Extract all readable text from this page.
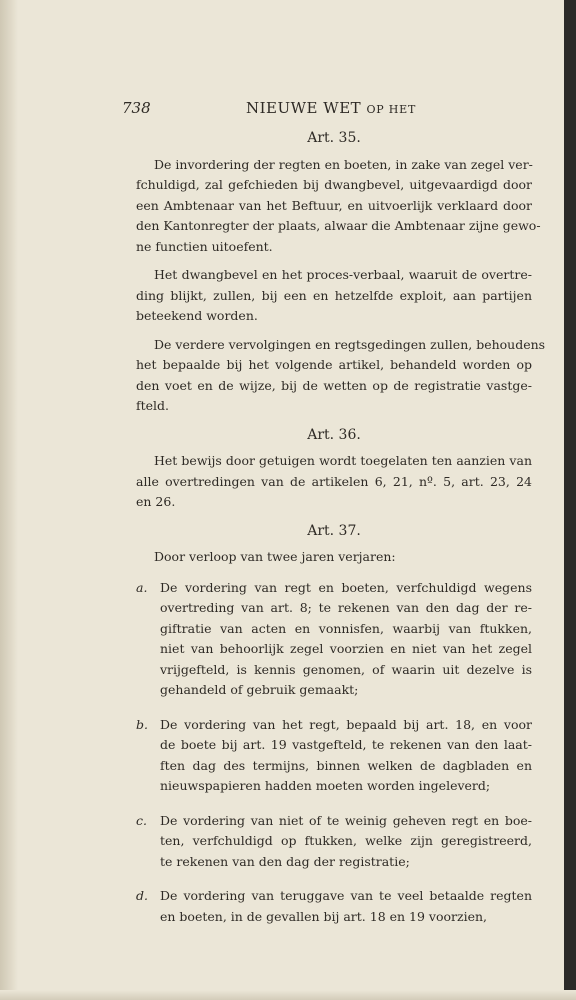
738	NIEUWE WET OP HET
Art. 35.
De invordering der regten en boeten, in zake van zegel ver-
fchuldigd, zal gefchieden bij dwangbevel, uitgevaardigd door
een Ambtenaar van het Beftuur, en uitvoerlijk verklaard door
den Kantonregter der plaats, alwaar die Ambtenaar zijne gewo-
ne functien uitoefent.
Het dwangbevel en het proces-verbaal, waaruit de overtre-
ding blijkt, zullen, bij een en hetzelfde exploit, aan partijen
beteekend worden.
De verdere vervolgingen en regtsgedingen zullen, behoudens
het bepaalde bij het volgende artikel, behandeld worden op
den voet en de wijze, bij de wetten op de registratie vastge-
fteld.
Art. 36.
Het bewijs door getuigen wordt toegelaten ten aanzien van
alle overtredingen van de artikelen 6, 21, nº. 5, art. 23, 24
en 26.
Art. 37.
Door verloop van twee jaren verjaren:
a. De vordering van regt en boeten, verfchuldigd wegens
overtreding van art. 8; te rekenen van den dag der re-
giftratie van acten en vonnisfen, waarbij van ftukken,
niet van behoorlijk zegel voorzien en niet van het zegel
vrijgefteld, is kennis genomen, of waarin uit dezelve is
gehandeld of gebruik gemaakt;
b. De vordering van het regt, bepaald bij art. 18, en voor
de boete bij art. 19 vastgefteld, te rekenen van den laat-
ften dag des termijns, binnen welken de dagbladen en
nieuwspapieren hadden moeten worden ingeleverd;
c. De vordering van niet of te weinig geheven regt en boe-
ten, verfchuldigd op ftukken, welke zijn geregistreerd,
te rekenen van den dag der registratie;
d. De vordering van teruggave van te veel betaalde regten
en boeten, in de gevallen bij art. 18 en 19 voorzien,
